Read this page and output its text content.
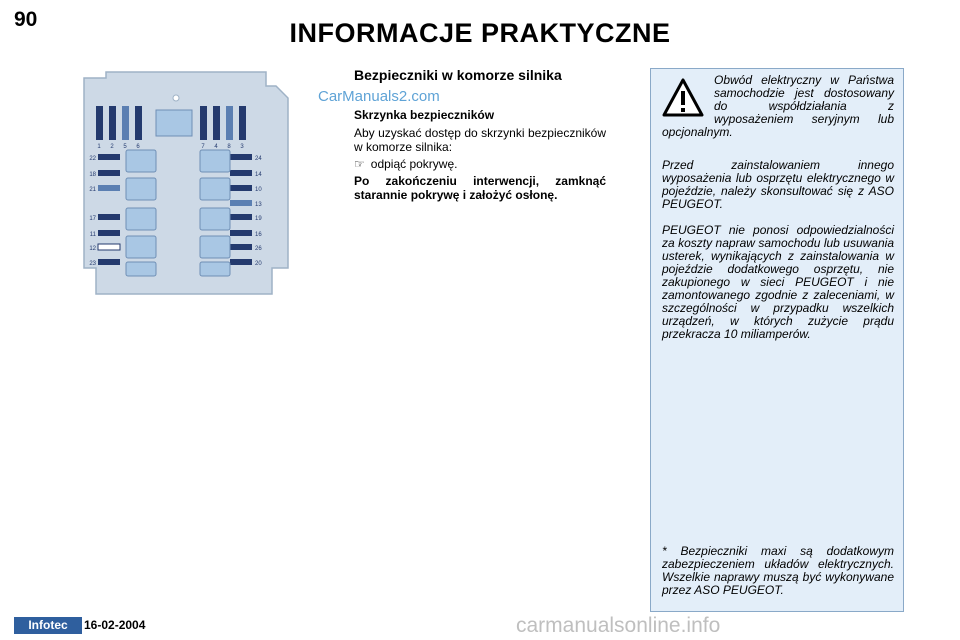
90	INFORMACJE PRAKTYCZNE
1 2 5 6	7 4 8 3
22
18
21
17
11
12
23
24
14
10
13
19
16
26
20
CarManuals2.com
Bezpieczniki w komorze silnika
Skrzynka bezpieczników
Aby uzyskać dostęp do skrzynki bezpieczników w komorze silnika:
☞ odpiąć pokrywę.
Po zakończeniu interwencji, zamknąć starannie pokrywę i założyć osłonę.
Obwód elektryczny w Państwa samochodzie jest dostosowany do współdziałania z wyposażeniem seryjnym lub opcjonalnym.
Przed zainstalowaniem innego wyposażenia lub osprzętu elektrycznego w pojeździe, należy skonsultować się z ASO PEUGEOT.
PEUGEOT nie ponosi odpowiedzialności za koszty napraw samochodu lub usuwania usterek, wynikających z zainstalowania w pojeździe dodatkowego osprzętu, nie zakupionego w sieci PEUGEOT i nie zamontowanego zgodnie z zaleceniami, w szczególności w przypadku wszelkich urządzeń, w których zużycie prądu przekracza 10 miliamperów.
* Bezpieczniki maxi są dodatkowym zabezpieczeniem układów elektrycznych. Wszelkie naprawy muszą być wykonywane przez ASO PEUGEOT.
Infotec	16-02-2004	carmanualsonline.info
